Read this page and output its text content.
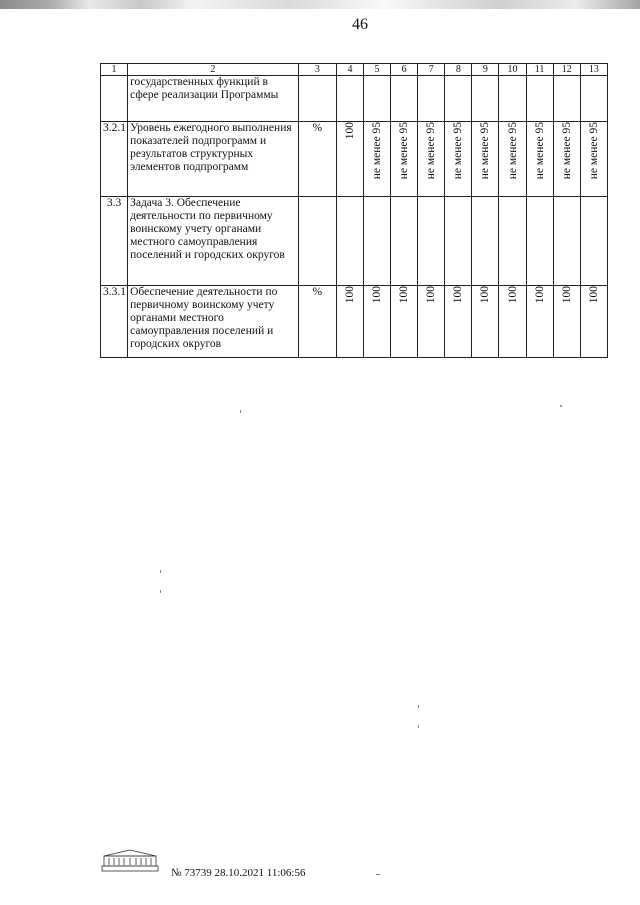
46
1	2	3	4	5	6	7	8	9	10	11	12	13
	государственных функций в сфере реализации Программы											
3.2.1	Уровень ежегодного выполнения показателей подпрограмм и результатов структурных элементов подпрограмм	%	100	не менее 95	не менее 95	не менее 95	не менее 95	не менее 95	не менее 95	не менее 95	не менее 95	не менее 95
3.3	Задача 3. Обеспечение деятельности по первичному воинскому учету органами местного самоуправления поселений и городских округов											
3.3.1	Обеспечение деятельности по первичному воинскому учету органами местного самоуправления поселений и городских округов	%	100	100	100	100	100	100	100	100	100	100
№ 73739 28.10.2021 11:06:56
